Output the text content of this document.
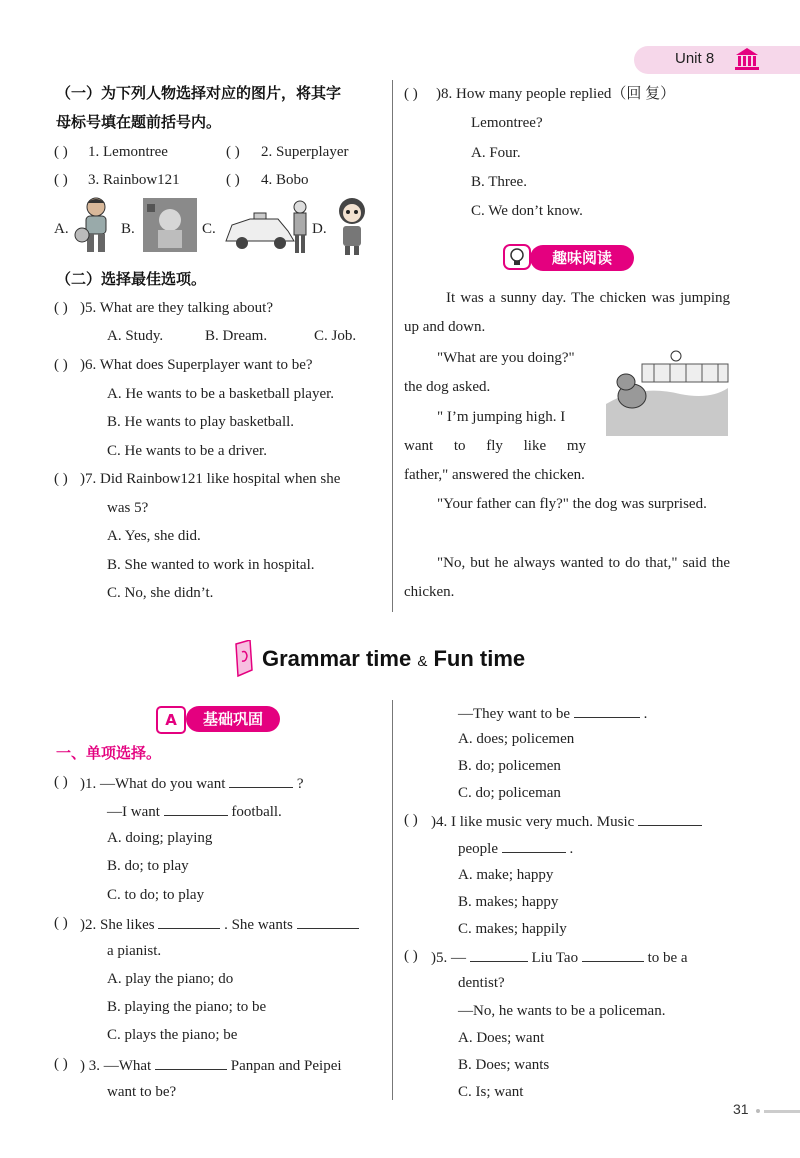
Unit 8
（一）为下列人物选择对应的图片，将其字
母标号填在题前括号内。
( ) 1. Lemontree	( ) 2. Superplayer
( ) 3. Rainbow121	( ) 4. Bobo
A.	B.	C.	D.
（二）选择最佳选项。
( ) )5. What are they talking about?
A. Study.	B. Dream.	C. Job.
( ) )6. What does Superplayer want to be?
A. He wants to be a basketball player.
B. He wants to play basketball.
C. He wants to be a driver.
( ) )7. Did Rainbow121 like hospital when she
was 5?
A. Yes, she did.
B. She wanted to work in hospital.
C. No, she didn’t.
( ) )8. How many people replied（回 复）
Lemontree?
A. Four.
B. Three.
C. We don’t know.
趣味阅读
It was a sunny day. The chicken was jumping up and down.
"What are you doing?"
the dog asked.
" I’m jumping high. I
want to fly like my
father," answered the chicken.
"Your father can fly?" the dog was surprised.
"No, but he always wanted to do that," said the chicken.
Grammar time & Fun time
A	基础巩固
一、单项选择。
( ) )1. —What do you want	?
—I want	football.
A. doing; playing
B. do; to play
C. to do; to play
( ) )2. She likes	. She wants
a pianist.
A. play the piano; do
B. playing the piano; to be
C. plays the piano; be
( ) ) 3. —What	Panpan and Peipei
want to be?
—They want to be	.
A. does; policemen
B. do; policemen
C. do; policeman
( ) )4. I like music very much. Music
people	.
A. make; happy
B. makes; happy
C. makes; happily
( ) )5. —	Liu Tao	to be a
dentist?
—No, he wants to be a policeman.
A. Does; want
B. Does; wants
C. Is; want
31
